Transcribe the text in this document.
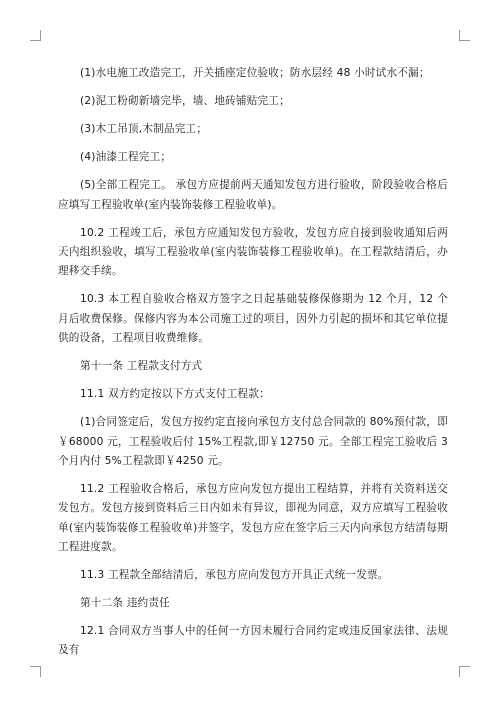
(1)水电施工改造完工，开关插座定位验收；防水层经 48 小时试水不漏；

(2)泥工粉砌新墙完毕，墙、地砖铺贴完工；

(3)木工吊顶,木制品完工；

(4)油漆工程完工；

(5)全部工程完工。 承包方应提前两天通知发包方进行验收，阶段验收合格后应填写工程验收单(室内装饰装修工程验收单)。

10.2 工程竣工后，承包方应通知发包方验收，发包方应自接到验收通知后两天内组织验收，填写工程验收单(室内装饰装修工程验收单)。在工程款结清后，办理移交手续。

10.3 本工程自验收合格双方签字之日起基础装修保修期为 12 个月，12 个月后收费保修。保修内容为本公司施工过的项目，因外力引起的损坏和其它单位提供的设备，工程项目收费维修。

第十一条 工程款支付方式

11.1 双方约定按以下方式支付工程款：

(1)合同签定后，发包方按约定直接向承包方支付总合同款的 80%预付款，即￥68000 元，工程验收后付 15%工程款,即￥12750 元。全部工程完工验收后 3 个月内付 5%工程款即￥4250 元。

11.2 工程验收合格后，承包方应向发包方提出工程结算，并将有关资料送交发包方。发包方接到资料后三日内如未有异议，即视为同意，双方应填写工程验收单(室内装饰装修工程验收单)并签字，发包方应在签字后三天内向承包方结清每期工程进度款。

11.3 工程款全部结清后，承包方应向发包方开具正式统一发票。

第十二条 违约责任

12.1 合同双方当事人中的任何一方因未履行合同约定或违反国家法律、法规及有
